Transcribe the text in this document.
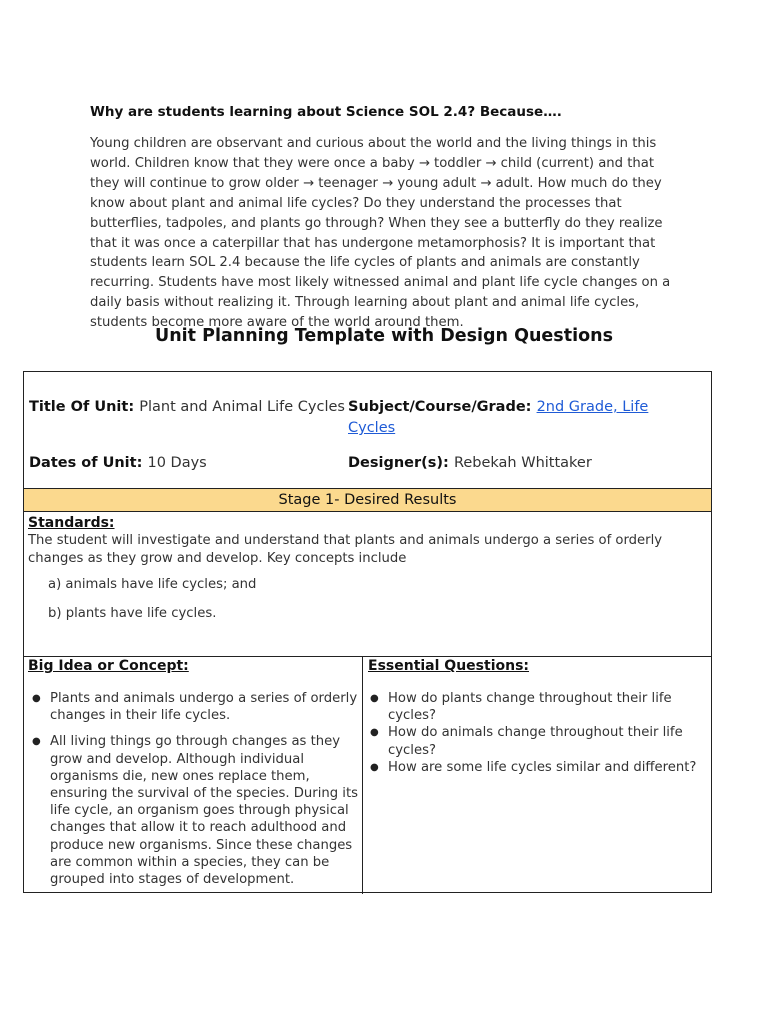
Why are students learning about Science SOL 2.4? Because….

Young children are observant and curious about the world and the living things in this world. Children know that they were once a baby → toddler → child (current) and that they will continue to grow older → teenager → young adult → adult. How much do they know about plant and animal life cycles? Do they understand the processes that butterflies, tadpoles, and plants go through? When they see a butterfly do they realize that it was once a caterpillar that has undergone metamorphosis? It is important that students learn SOL 2.4 because the life cycles of plants and animals are constantly recurring. Students have most likely witnessed animal and plant life cycle changes on a daily basis without realizing it. Through learning about plant and animal life cycles, students become more aware of the world around them.

Unit Planning Template with Design Questions
Title Of Unit: Plant and Animal Life Cycles Subject/Course/Grade: 2nd Grade, Life Cycles
Dates of Unit: 10 Days	Designer(s): Rebekah Whittaker
Stage 1- Desired Results
Standards:
The student will investigate and understand that plants and animals undergo a series of orderly changes as they grow and develop. Key concepts include
a) animals have life cycles; and
b) plants have life cycles.
Big Idea or Concept:	Essential Questions:
● Plants and animals undergo a series of orderly changes in their life cycles.
● All living things go through changes as they grow and develop. Although individual organisms die, new ones replace them, ensuring the survival of the species. During its life cycle, an organism goes through physical changes that allow it to reach adulthood and produce new organisms. Since these changes are common within a species, they can be grouped into stages of development.
● How do plants change throughout their life cycles?
● How do animals change throughout their life cycles?
● How are some life cycles similar and different?
